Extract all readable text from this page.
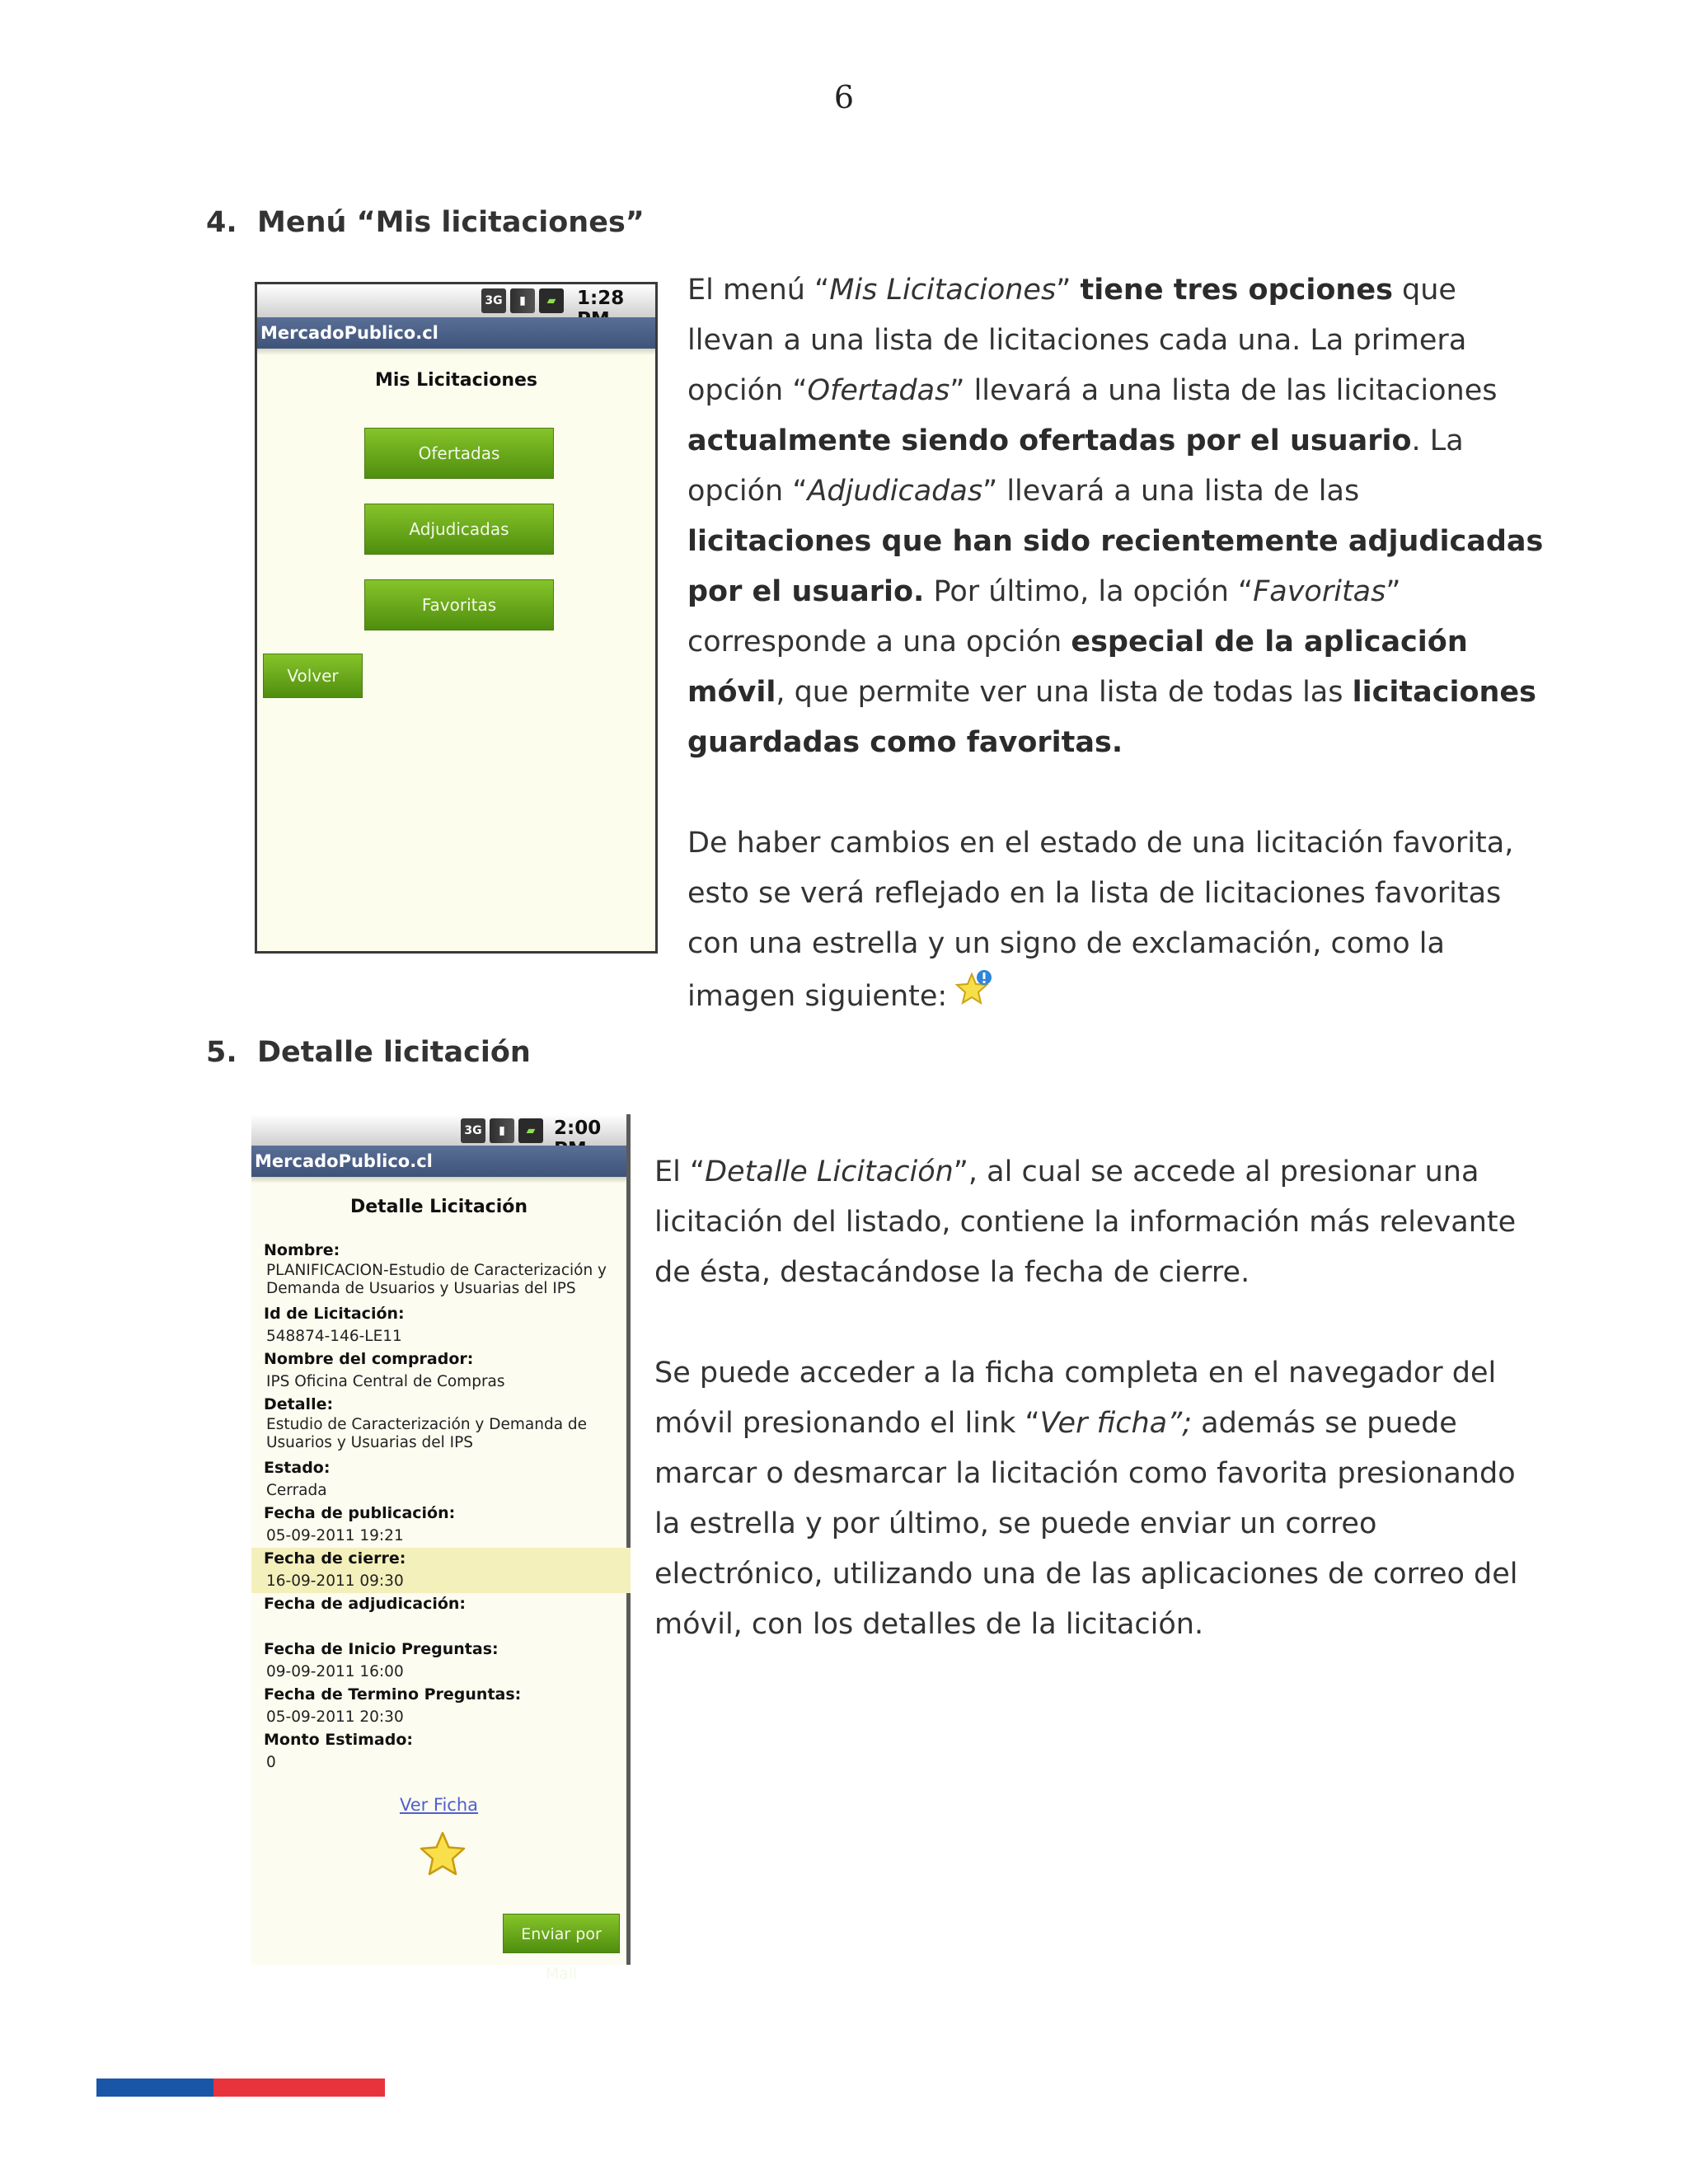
6
4. Menú “Mis licitaciones”
3G	▮	▰	1:28
MercadoPublico.cl
Mis Licitaciones
Ofertadas
Adjudicadas
Favoritas
Volver

El menú “Mis Licitaciones” tiene tres opciones que llevan a una lista de licitaciones cada una. La primera opción “Ofertadas” llevará a una lista de las licitaciones actualmente siendo ofertadas por el usuario. La opción “Adjudicadas” llevará a una lista de las licitaciones que han sido recientemente adjudicadas por el usuario. Por último, la opción “Favoritas” corresponde a una opción especial de la aplicación móvil, que permite ver una lista de todas las licitaciones guardadas como favoritas.

De haber cambios en el estado de una licitación favorita, esto se verá reflejado en la lista de licitaciones favoritas con una estrella y un signo de exclamación, como la imagen siguiente:

5. Detalle licitación
3G	▮	▰ 2:00
MercadoPublico.cl
Detalle Licitación
Nombre:
PLANIFICACION-Estudio de Caracterización y Demanda de Usuarios y Usuarias del IPS
Id de Licitación:
548874-146-LE11
Nombre del comprador:
IPS Oficina Central de Compras
Detalle:
Estudio de Caracterización y Demanda de Usuarios y Usuarias del IPS
Estado:
Cerrada
Fecha de publicación:
05-09-2011 19:21
Fecha de cierre:
16-09-2011 09:30
Fecha de adjudicación:
Fecha de Inicio Preguntas:
09-09-2011 16:00
Fecha de Termino Preguntas:
05-09-2011 20:30
Monto Estimado:
0
Ver Ficha
Enviar por Mail

El “Detalle Licitación”, al cual se accede al presionar una licitación del listado, contiene la información más relevante de ésta, destacándose la fecha de cierre.

Se puede acceder a la ficha completa en el navegador del móvil presionando el link “Ver ficha”; además se puede marcar o desmarcar la licitación como favorita presionando la estrella y por último, se puede enviar un correo electrónico, utilizando una de las aplicaciones de correo del móvil, con los detalles de la licitación.
